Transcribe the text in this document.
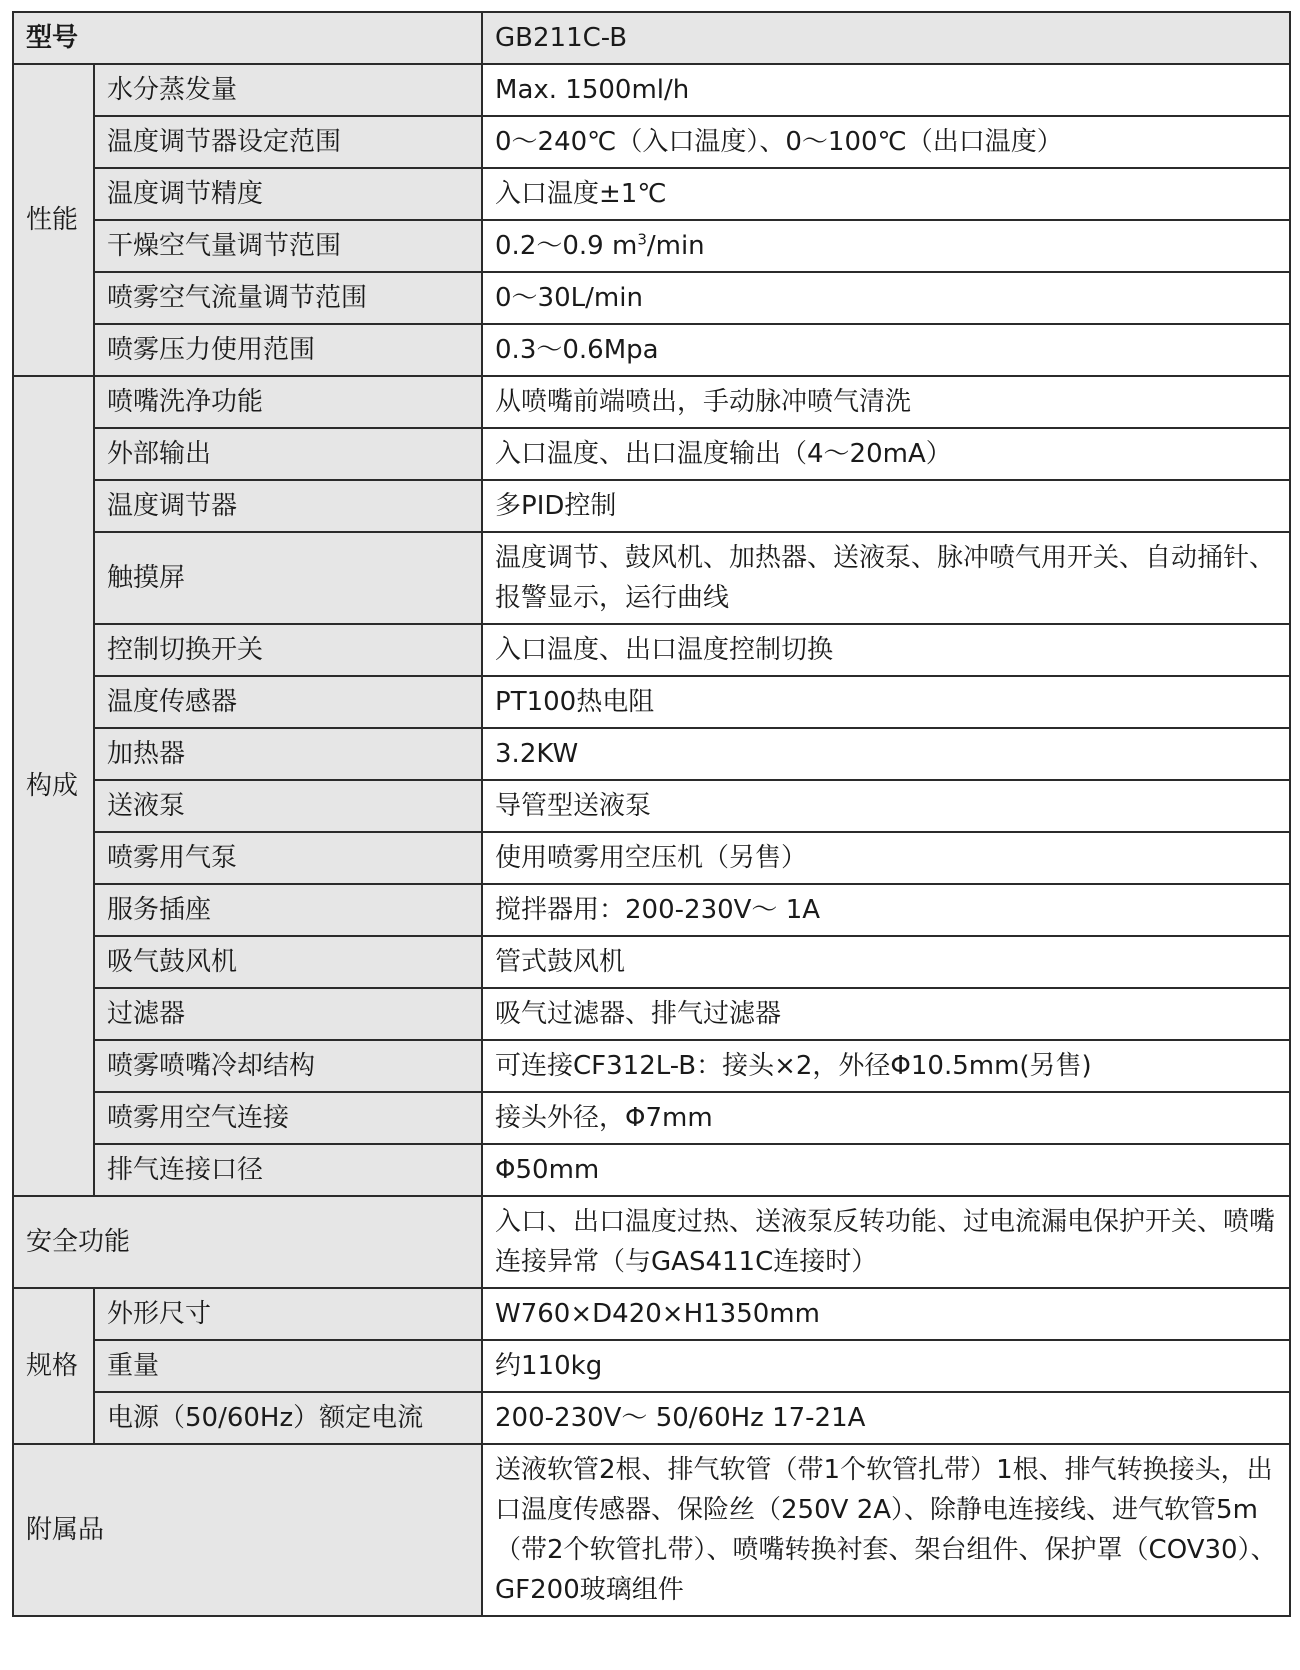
型号		GB211C-B
性能	水分蒸发量	Max. 1500ml/h
	温度调节器设定范围	0～240℃（入口温度）、0～100℃（出口温度）
	温度调节精度	入口温度±1℃
	干燥空气量调节范围	0.2～0.9 $m^3/\min$
	喷雾空气流量调节范围	0～30L/min
	喷雾压力使用范围	0.3～0.6Mpa
构成	喷嘴洗净功能	从喷嘴前端喷出，手动脉冲喷气清洗
	外部输出	入口温度、出口温度输出（4～20mA）
	温度调节器	多PID控制
	触摸屏	温度调节、鼓风机、加热器、送液泵、脉冲喷气用开关、自动捅针、报警显示，运行曲线
	控制切换开关	入口温度、出口温度控制切换
	温度传感器	PT100热电阻
	加热器	3.2KW
	送液泵	导管型送液泵
	喷雾用气泵	使用喷雾用空压机（另售）
	服务插座	搅拌器用：200-230V～ 1A
	吸气鼓风机	管式鼓风机
	过滤器	吸气过滤器、排气过滤器
	喷雾喷嘴冷却结构	可连接CF312L-B：接头×2，外径Φ10.5mm(另售)
	喷雾用空气连接	接头外径，Φ7mm
	排气连接口径	Φ50mm
安全功能		入口、出口温度过热、送液泵反转功能、过电流漏电保护开关、喷嘴连接异常（与GAS411C连接时）
规格	外形尺寸	W760×D420×H1350mm
	重量	约110kg
	电源（50/60Hz）额定电流	200-230V～ 50/60Hz 17-21A
附属品		送液软管2根、排气软管（带1个软管扎带）1根、排气转换接头，出口温度传感器、保险丝（250V 2A）、除静电连接线、进气软管5m（带2个软管扎带）、喷嘴转换衬套、架台组件、保护罩（COV30）、GF200玻璃组件
